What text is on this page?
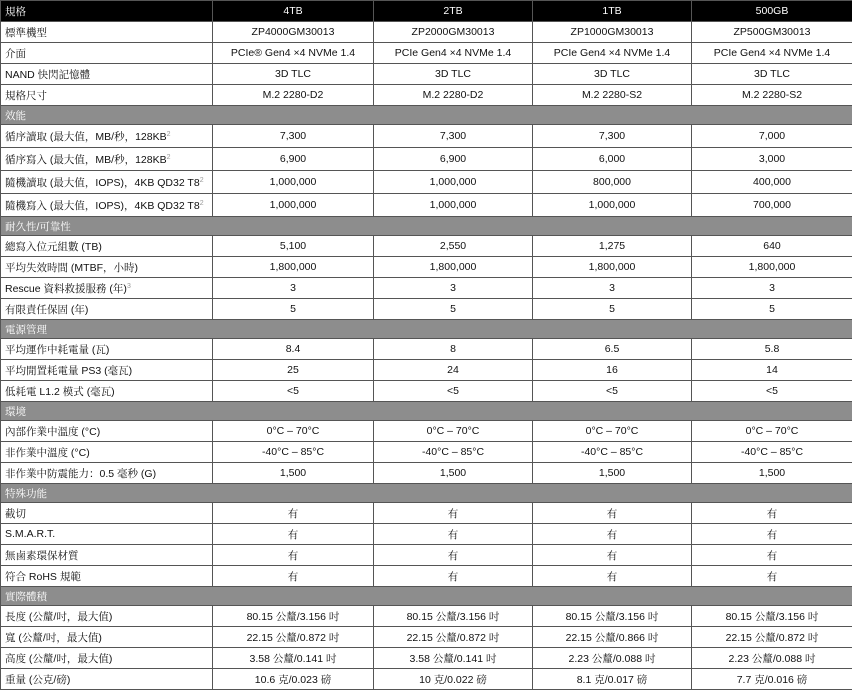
規格	4TB	2TB	1TB	500GB
標準機型	ZP4000GM30013	ZP2000GM30013	ZP1000GM30013	ZP500GM30013
介面	PCIe® Gen4 ×4 NVMe 1.4	PCIe Gen4 ×4 NVMe 1.4	PCIe Gen4 ×4 NVMe 1.4	PCIe Gen4 ×4 NVMe 1.4
NAND 快閃記憶體	3D TLC	3D TLC	3D TLC	3D TLC
規格尺寸	M.2 2280-D2	M.2 2280-D2	M.2 2280-S2	M.2 2280-S2
效能				
循序讀取 (最大值，MB/秒，$128KB^2$	7,300	7,300	7,300	7,000
循序寫入 (最大值，MB/秒，$128KB^2$	6,900	6,900	6,000	3,000
隨機讀取 (最大值，IOPS)，4KB QD32 $T8^2$	1,000,000	1,000,000	800,000	400,000
隨機寫入 (最大值，IOPS)，4KB QD32 $T8^2$	1,000,000	1,000,000	1,000,000	700,000
耐久性/可靠性				
總寫入位元組數 (TB)	5,100	2,550	1,275	640
平均失效時間 (MTBF，小時)	1,800,000	1,800,000	1,800,000	1,800,000
Rescue 資料救援服務 (年)$^3$	3	3	3	3
有限責任保固 (年)	5	5	5	5
電源管理				
平均運作中耗電量 (瓦)	8.4	8	6.5	5.8
平均閒置耗電量 PS3 (毫瓦)	25	24	16	14
低耗電 L1.2 模式 (毫瓦)	<5	<5	<5	<5
環境				
內部作業中溫度 (°C)	0°C – 70°C	0°C – 70°C	0°C – 70°C	0°C – 70°C
非作業中溫度 (°C)	-40°C – 85°C	-40°C – 85°C	-40°C – 85°C	-40°C – 85°C
非作業中防震能力：0.5 毫秒 (G)	1,500	1,500	1,500	1,500
特殊功能				
截切	有	有	有	有
S.M.A.R.T.	有	有	有	有
無鹵素環保材質	有	有	有	有
符合 RoHS 規範	有	有	有	有
實際體積				
長度 (公釐/吋，最大值)	80.15 公釐/3.156 吋	80.15 公釐/3.156 吋	80.15 公釐/3.156 吋	80.15 公釐/3.156 吋
寬 (公釐/吋，最大值)	22.15 公釐/0.872 吋	22.15 公釐/0.872 吋	22.15 公釐/0.866 吋	22.15 公釐/0.872 吋
高度 (公釐/吋，最大值)	3.58 公釐/0.141 吋	3.58 公釐/0.141 吋	2.23 公釐/0.088 吋	2.23 公釐/0.088 吋
重量 (公克/磅)	10.6 克/0.023 磅	10 克/0.022 磅	8.1 克/0.017 磅	7.7 克/0.016 磅
